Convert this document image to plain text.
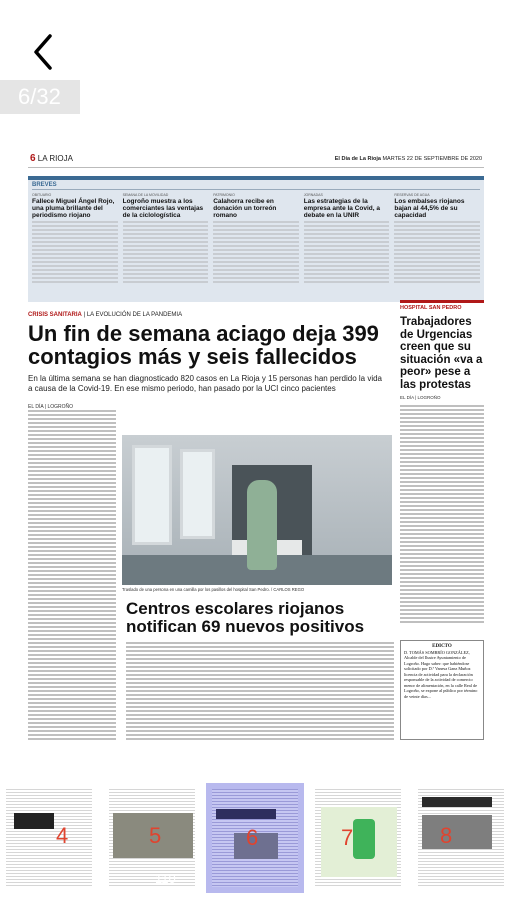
6/32
6 LA RIOJA	El Día de La Rioja MARTES 22 DE SEPTIEMBRE DE 2020
BREVES
OBITUARIO
Fallece Miguel Ángel Rojo, una pluma brillante del periodismo riojano
SEMANA DE LA MOVILIDAD
Logroño muestra a los comerciantes las ventajas de la ciclologística
PATRIMONIO
Calahorra recibe en donación un torreón romano
JORNADAS
Las estrategias de la empresa ante la Covid, a debate en la UNIR
RESERVAS DE AGUA
Los embalses riojanos bajan al 44,5% de su capacidad
CRISIS SANITARIA | LA EVOLUCIÓN DE LA PANDEMIA
Un fin de semana aciago deja 399 contagios más y seis fallecidos
En la última semana se han diagnosticado 820 casos en La Rioja y 15 personas han perdido la vida a causa de la Covid-19. En ese mismo periodo, han pasado por la UCI cinco pacientes
EL DÍA | LOGROÑO
Traslado de una persona en una camilla por los pasillos del hospital San Pedro. / CARLOS REGO
Centros escolares riojanos notifican 69 nuevos positivos
HOSPITAL SAN PEDRO
Trabajadores de Urgencias creen que su situación «va a peor» pese a las protestas
EL DÍA | LOGROÑO
EDICTO
D. TOMÁS SOMBRÍO GONZÁLEZ, Alcalde del Ilustre Ayuntamiento de Logroño. Hago saber: que habiéndose solicitado por D.ª Vanesa Ganz Muñoz licencia de actividad para la declaración responsable de la actividad de comercio menor de alimentación, en la calle Real de Logroño, se expone al público por término de veinte días...
4	5
110
6	7	8
